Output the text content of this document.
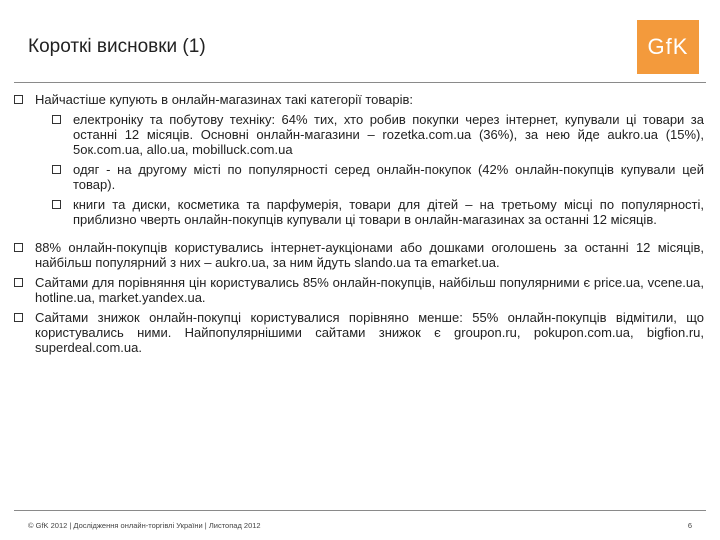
Короткі висновки (1)	GfK
Найчастіше купують в онлайн-магазинах такі категорії товарів:
електроніку та побутову техніку: 64% тих, хто робив покупки через інтернет, купували ці товари за останні 12 місяців. Основні онлайн-магазини – rozetka.com.ua (36%), за нею йде aukro.ua (15%), 5ок.com.ua, allo.ua, mobilluck.com.ua
одяг - на другому місті по популярності серед онлайн-покупок (42% онлайн-покупців купували цей товар).
книги та диски, косметика та парфумерія, товари для дітей – на третьому місці по популярності, приблизно чверть онлайн-покупців купували ці товари в онлайн-магазинах за останні 12 місяців.
88% онлайн-покупців користувались інтернет-аукціонами або дошками оголошень за останні 12 місяців, найбільш популярний з них – aukro.ua, за ним йдуть slando.ua та emarket.ua.
Сайтами для порівняння цін користувались 85% онлайн-покупців, найбільш популярними є price.ua, vcene.ua, hotline.ua, market.yandex.ua.
Сайтами знижок онлайн-покупці користувалися порівняно менше: 55% онлайн-покупців відмітили, що користувались ними. Найпопулярнішими сайтами знижок є groupon.ru, pokupon.com.ua, bigfion.ru, superdeal.com.ua.
© GfK 2012 | Дослідження онлайн-торгівлі України | Листопад 2012	6
